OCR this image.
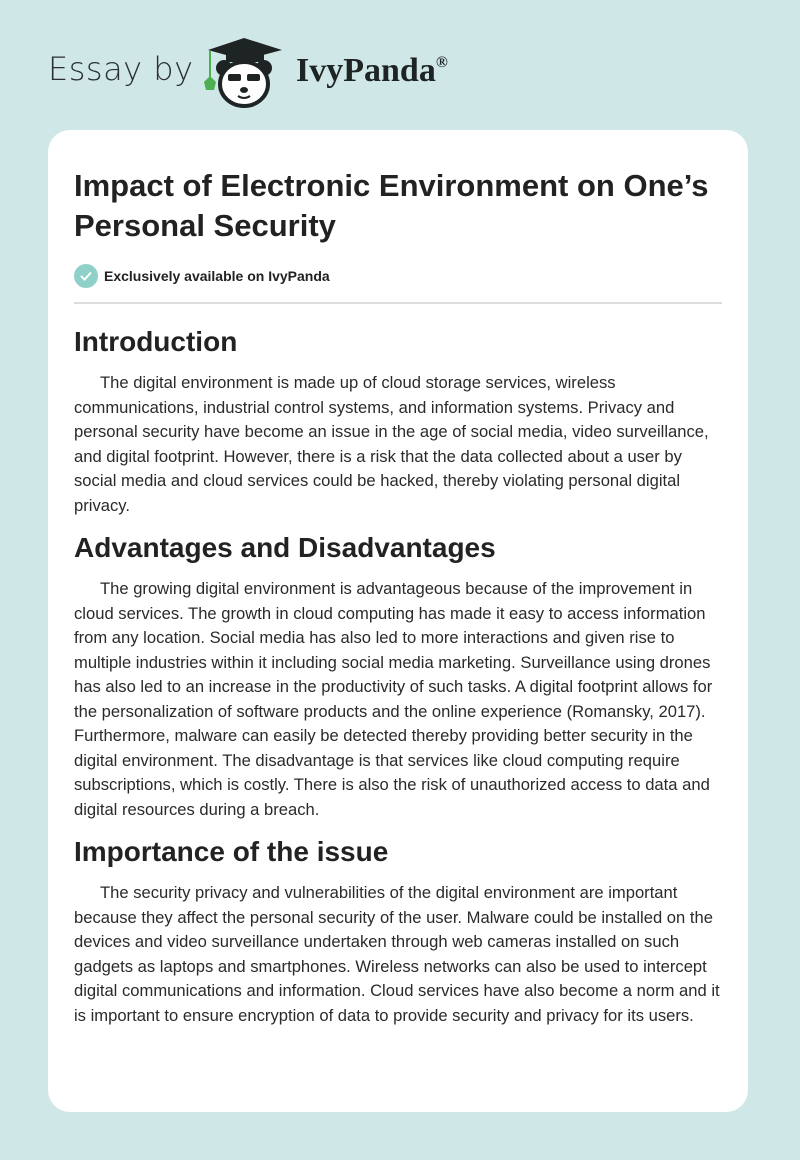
Essay by	IvyPanda®
Impact of Electronic Environment on One’s Personal Security
Exclusively available on IvyPanda
Introduction

The digital environment is made up of cloud storage services, wireless communications, industrial control systems, and information systems. Privacy and personal security have become an issue in the age of social media, video surveillance, and digital footprint. However, there is a risk that the data collected about a user by social media and cloud services could be hacked, thereby violating personal digital privacy.

Advantages and Disadvantages

The growing digital environment is advantageous because of the improvement in cloud services. The growth in cloud computing has made it easy to access information from any location. Social media has also led to more interactions and given rise to multiple industries within it including social media marketing. Surveillance using drones has also led to an increase in the productivity of such tasks. A digital footprint allows for the personalization of software products and the online experience (Romansky, 2017). Furthermore, malware can easily be detected thereby providing better security in the digital environment. The disadvantage is that services like cloud computing require subscriptions, which is costly. There is also the risk of unauthorized access to data and digital resources during a breach.

Importance of the issue

The security privacy and vulnerabilities of the digital environment are important because they affect the personal security of the user. Malware could be installed on the devices and video surveillance undertaken through web cameras installed on such gadgets as laptops and smartphones. Wireless networks can also be used to intercept digital communications and information. Cloud services have also become a norm and it is important to ensure encryption of data to provide security and privacy for its users.
